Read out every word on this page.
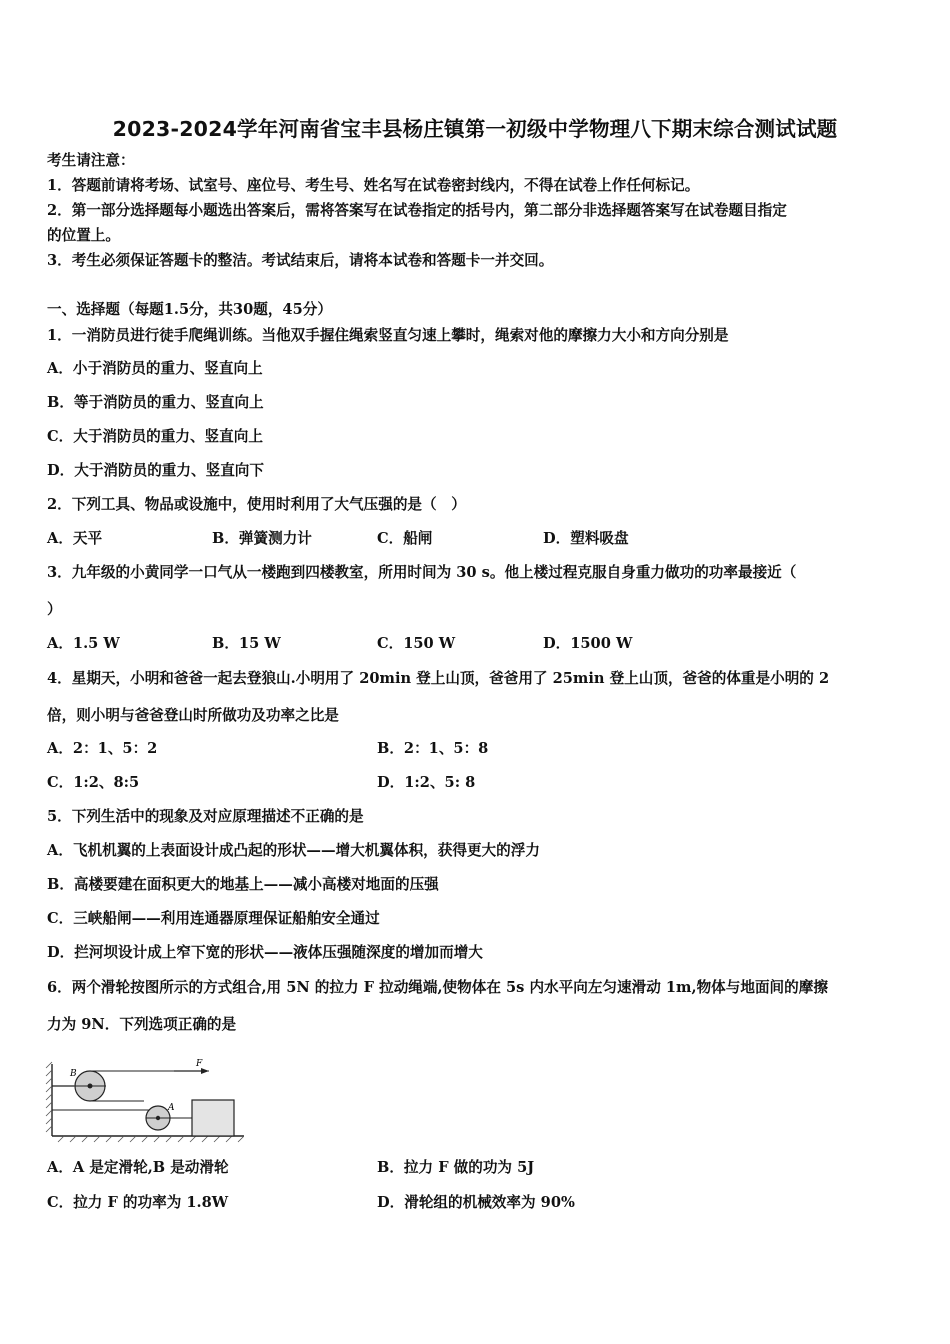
2023-2024学年河南省宝丰县杨庄镇第一初级中学物理八下期末综合测试试题
考生请注意：
1．答题前请将考场、试室号、座位号、考生号、姓名写在试卷密封线内，不得在试卷上作任何标记。
2．第一部分选择题每小题选出答案后，需将答案写在试卷指定的括号内，第二部分非选择题答案写在试卷题目指定
的位置上。
3．考生必须保证答题卡的整洁。考试结束后，请将本试卷和答题卡一并交回。
一、选择题（每题1.5分，共30题，45分）
1．一消防员进行徒手爬绳训练。当他双手握住绳索竖直匀速上攀时，绳索对他的摩擦力大小和方向分别是
A．小于消防员的重力、竖直向上
B．等于消防员的重力、竖直向上
C．大于消防员的重力、竖直向上
D．大于消防员的重力、竖直向下
2．下列工具、物品或设施中，使用时利用了大气压强的是（　）
A．天平	B．弹簧测力计	C．船闸	D．塑料吸盘
3．九年级的小黄同学一口气从一楼跑到四楼教室，所用时间为 30 s。他上楼过程克服自身重力做功的功率最接近（
）
A．1.5 W	B．15 W	C．150 W	D．1500 W
4．星期天，小明和爸爸一起去登狼山.小明用了 20min 登上山顶，爸爸用了 25min 登上山顶，爸爸的体重是小明的 2
倍，则小明与爸爸登山时所做功及功率之比是
A．2：1、5：2	B．2：1、5：8
C．1:2、8:5	D．1:2、5: 8
5．下列生活中的现象及对应原理描述不正确的是
A．飞机机翼的上表面设计成凸起的形状——增大机翼体积，获得更大的浮力
B．高楼要建在面积更大的地基上——减小高楼对地面的压强
C．三峡船闸——利用连通器原理保证船舶安全通过
D．拦河坝设计成上窄下宽的形状——液体压强随深度的增加而增大
6．两个滑轮按图所示的方式组合,用 5N 的拉力 F 拉动绳端,使物体在 5s 内水平向左匀速滑动 1m,物体与地面间的摩擦
力为 9N．下列选项正确的是
B
A
F
A．A 是定滑轮,B 是动滑轮	B．拉力 F 做的功为 5J
C．拉力 F 的功率为 1.8W	D．滑轮组的机械效率为 90%
